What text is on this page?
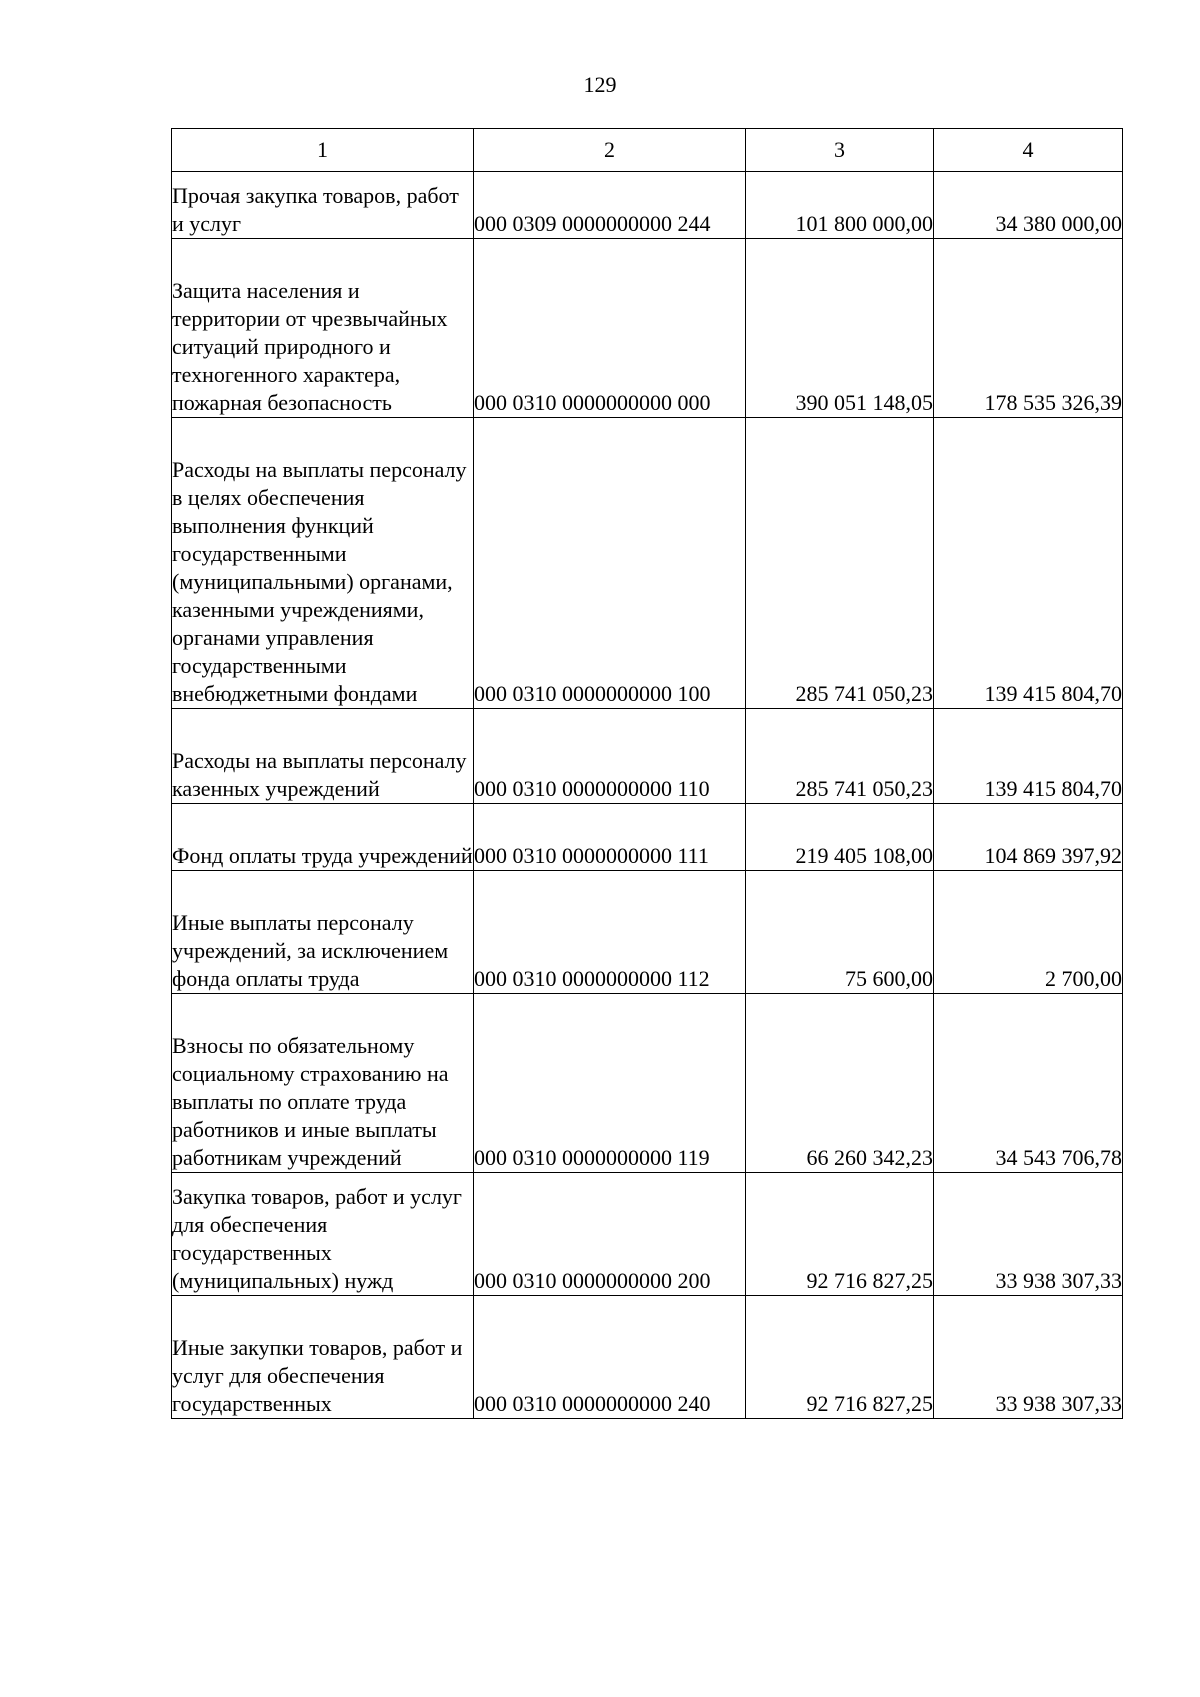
129
1	2	3	4
Прочая закупка товаров, работ и услуг	000 0309 0000000000 244	101 800 000,00	34 380 000,00
Защита населения и территории от чрезвычайных ситуаций природного и техногенного характера, пожарная безопасность	000 0310 0000000000 000	390 051 148,05	178 535 326,39
Расходы на выплаты персоналу в целях обеспечения выполнения функций государственными (муниципальными) органами, казенными учреждениями, органами управления государственными внебюджетными фондами	000 0310 0000000000 100	285 741 050,23	139 415 804,70
Расходы на выплаты персоналу казенных учреждений	000 0310 0000000000 110	285 741 050,23	139 415 804,70
Фонд оплаты труда учреждений	000 0310 0000000000 111	219 405 108,00	104 869 397,92
Иные выплаты персоналу учреждений, за исключением фонда оплаты труда	000 0310 0000000000 112	75 600,00	2 700,00
Взносы по обязательному социальному страхованию на выплаты по оплате труда работников и иные выплаты работникам учреждений	000 0310 0000000000 119	66 260 342,23	34 543 706,78
Закупка товаров, работ и услуг для обеспечения государственных (муниципальных) нужд	000 0310 0000000000 200	92 716 827,25	33 938 307,33
Иные закупки товаров, работ и услуг для обеспечения государственных	000 0310 0000000000 240	92 716 827,25	33 938 307,33
